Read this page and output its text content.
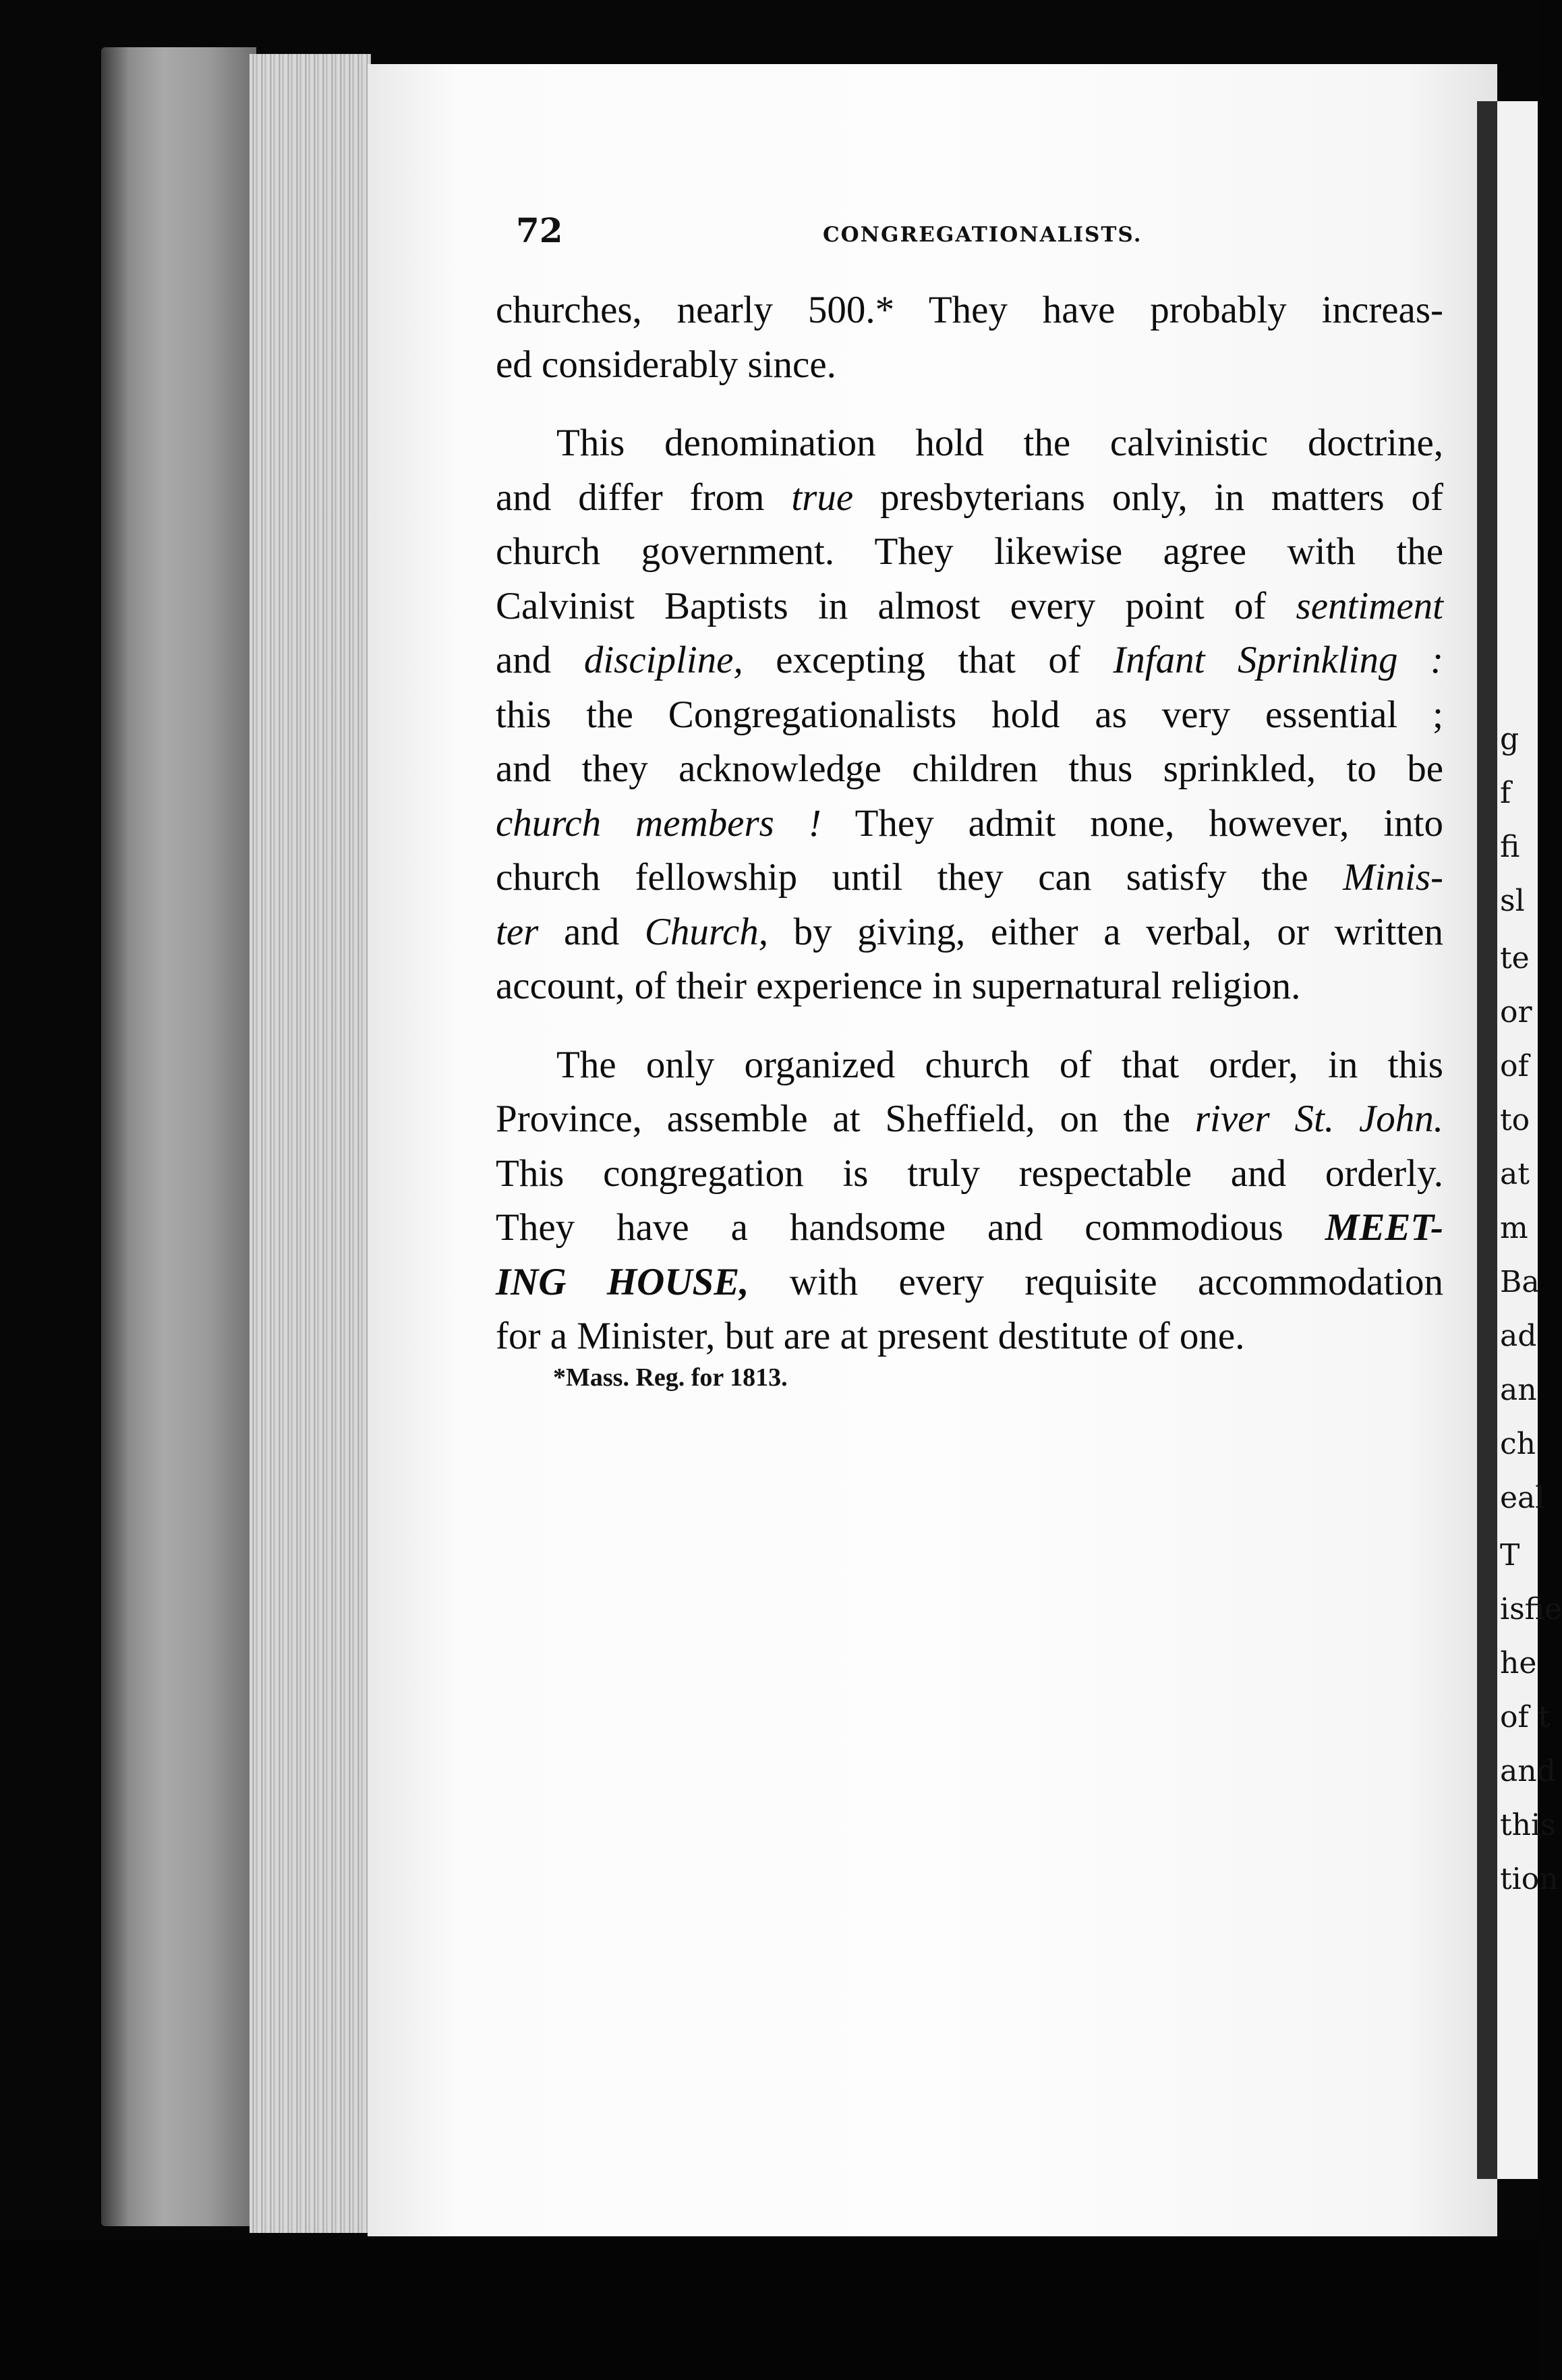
g
f
fi
sl
te
or
of
to
at
m
Ba
ad
an
ch
eal
T
isfie
he
of t
and
this
tion
72	CONGREGATIONALISTS.

churches, nearly 500.* They have probably increas-
ed considerably since.

This denomination hold the calvinistic doctrine,
and differ from true presbyterians only, in matters of
church government. They likewise agree with the
Calvinist Baptists in almost every point of sentiment
and discipline, excepting that of Infant Sprinkling :
this the Congregationalists hold as very essential ;
and they acknowledge children thus sprinkled, to be
church members ! They admit none, however, into
church fellowship until they can satisfy the Minis-
ter and Church, by giving, either a verbal, or written
account, of their experience in supernatural religion.

The only organized church of that order, in this
Province, assemble at Sheffield, on the river St. John.
This congregation is truly respectable and orderly.
They have a handsome and commodious MEET-
ING HOUSE, with every requisite accommodation
for a Minister, but are at present destitute of one.

*Mass. Reg. for 1813.
